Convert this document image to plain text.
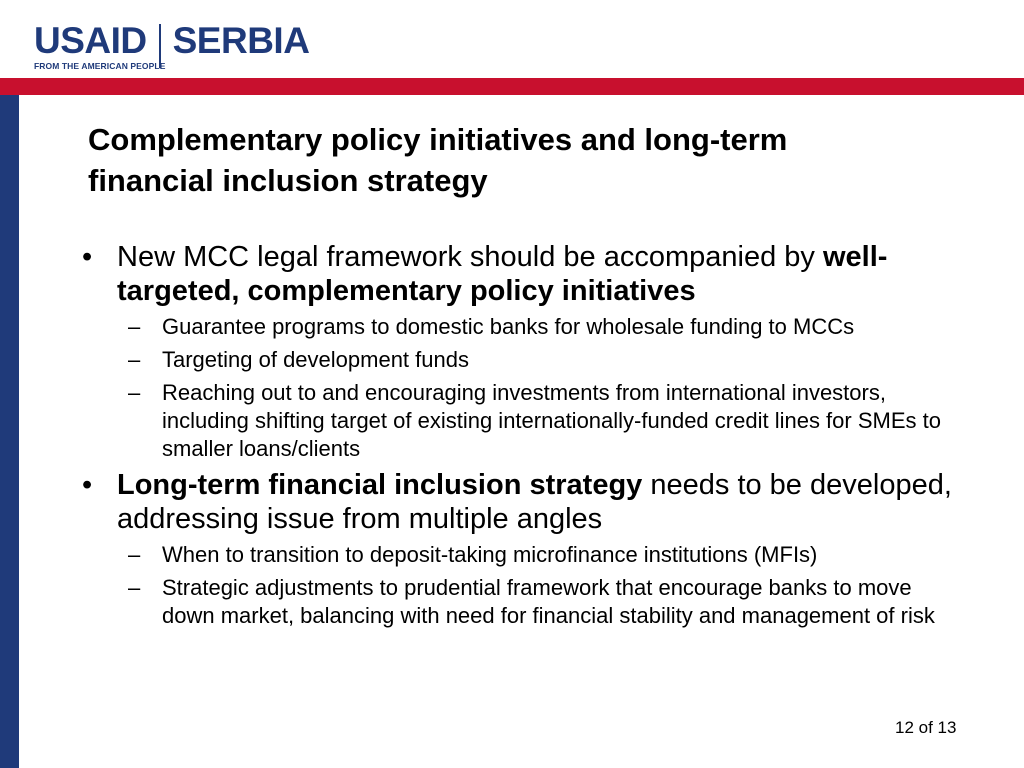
USAID SERBIA
FROM THE AMERICAN PEOPLE
Complementary policy initiatives and long-term
financial inclusion strategy
• New MCC legal framework should be accompanied by well-targeted, complementary policy initiatives
– Guarantee programs to domestic banks for wholesale funding to MCCs
– Targeting of development funds
– Reaching out to and encouraging investments from international investors, including shifting target of existing internationally-funded credit lines for SMEs to smaller loans/clients
• Long-term financial inclusion strategy needs to be developed, addressing issue from multiple angles
– When to transition to deposit-taking microfinance institutions (MFIs)
– Strategic adjustments to prudential framework that encourage banks to move down market, balancing with need for financial stability and management of risk
12 of 13
